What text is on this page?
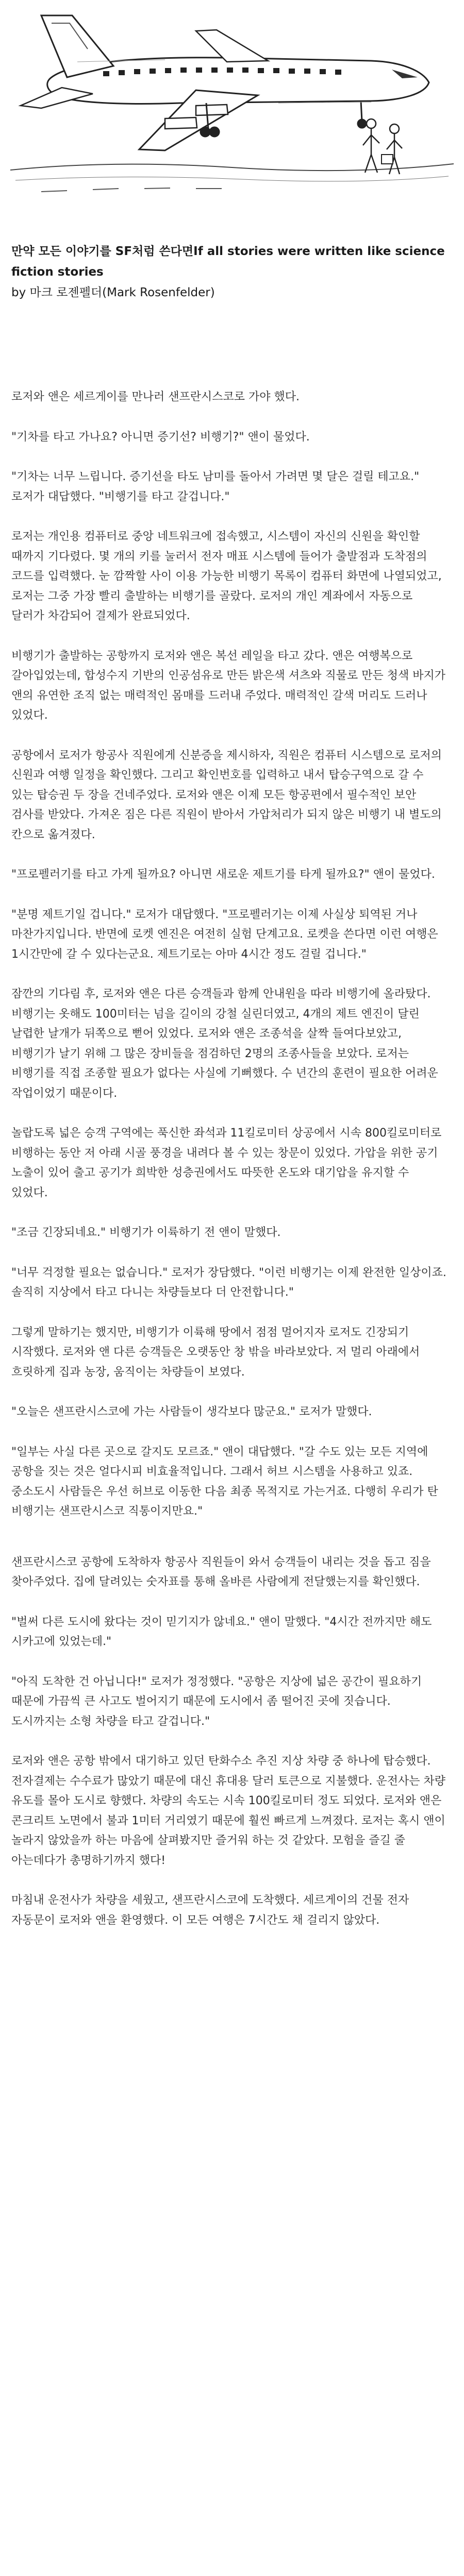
만약 모든 이야기를 SF처럼 쓴다면If all stories were written like science fiction stories

by 마크 로젠펠더(Mark Rosenfelder)

로저와 앤은 세르게이를 만나러 샌프란시스코로 가야 했다.

"기차를 타고 가나요? 아니면 증기선? 비행기?" 앤이 물었다.

"기차는 너무 느립니다. 증기선을 타도 남미를 돌아서 가려면 몇 달은 걸릴 테고요." 로저가 대답했다. "비행기를 타고 갈겁니다."

로저는 개인용 컴퓨터로 중앙 네트워크에 접속했고, 시스템이 자신의 신원을 확인할 때까지 기다렸다. 몇 개의 키를 눌러서 전자 매표 시스템에 들어가 출발점과 도착점의 코드를 입력했다. 눈 깜짝할 사이 이용 가능한 비행기 목록이 컴퓨터 화면에 나열되었고, 로저는 그중 가장 빨리 출발하는 비행기를 골랐다. 로저의 개인 계좌에서 자동으로 달러가 차감되어 결제가 완료되었다.

비행기가 출발하는 공항까지 로저와 앤은 복선 레일을 타고 갔다. 앤은 여행복으로 갈아입었는데, 합성수지 기반의 인공섬유로 만든 밝은색 셔츠와 직물로 만든 청색 바지가 앤의 유연한 조직 없는 매력적인 몸매를 드러내 주었다. 매력적인 갈색 머리도 드러나 있었다.

공항에서 로저가 항공사 직원에게 신분증을 제시하자, 직원은 컴퓨터 시스템으로 로저의 신원과 여행 일정을 확인했다. 그리고 확인번호를 입력하고 내서 탑승구역으로 갈 수 있는 탑승권 두 장을 건네주었다. 로저와 앤은 이제 모든 항공편에서 필수적인 보안 검사를 받았다. 가져온 짐은 다른 직원이 받아서 가압처리가 되지 않은 비행기 내 별도의 칸으로 옮겨졌다.

"프로펠러기를 타고 가게 될까요? 아니면 새로운 제트기를 타게 될까요?" 앤이 물었다.

"분명 제트기일 겁니다." 로저가 대답했다. "프로펠러기는 이제 사실상 퇴역된 거나 마찬가지입니다. 반면에 로켓 엔진은 여전히 실험 단계고요. 로켓을 쓴다면 이런 여행은 1시간만에 갈 수 있다는군요. 제트기로는 아마 4시간 정도 걸릴 겁니다."

잠깐의 기다림 후, 로저와 앤은 다른 승객들과 함께 안내원을 따라 비행기에 올라탔다. 비행기는 옷해도 100미터는 넘을 길이의 강철 실린더였고, 4개의 제트 엔진이 달린 날렵한 날개가 뒤쪽으로 뻗어 있었다. 로저와 앤은 조종석을 살짝 들여다보았고, 비행기가 날기 위해 그 많은 장비들을 점검하던 2명의 조종사들을 보았다. 로저는 비행기를 직접 조종할 필요가 없다는 사실에 기뻐했다. 수 년간의 훈련이 필요한 어려운 작업이었기 때문이다.

놀랍도록 넓은 승객 구역에는 푹신한 좌석과 11킬로미터 상공에서 시속 800킬로미터로 비행하는 동안 저 아래 시골 풍경을 내려다 볼 수 있는 창문이 있었다. 가압을 위한 공기 노출이 있어 출고 공기가 희박한 성층권에서도 따뜻한 온도와 대기압을 유지할 수 있었다.

"조금 긴장되네요." 비행기가 이륙하기 전 앤이 말했다.

"너무 걱정할 필요는 없습니다." 로저가 장담했다. "이런 비행기는 이제 완전한 일상이죠. 솔직히 지상에서 타고 다니는 차량들보다 더 안전합니다."

그렇게 말하기는 했지만, 비행기가 이륙해 땅에서 점점 멀어지자 로저도 긴장되기 시작했다. 로저와 앤 다른 승객들은 오랫동안 창 밖을 바라보았다. 저 멀리 아래에서 흐릿하게 집과 농장, 움직이는 차량들이 보였다.

"오늘은 샌프란시스코에 가는 사람들이 생각보다 많군요." 로저가 말했다.

"일부는 사실 다른 곳으로 갈지도 모르죠." 앤이 대답했다. "갈 수도 있는 모든 지역에 공항을 짓는 것은 얼다시피 비효율적입니다. 그래서 허브 시스템을 사용하고 있죠. 중소도시 사람들은 우선 허브로 이동한 다음 최종 목적지로 가는거죠. 다행히 우리가 탄 비행기는 샌프란시스코 직통이지만요."

샌프란시스코 공항에 도착하자 항공사 직원들이 와서 승객들이 내리는 것을 돕고 짐을 찾아주었다. 집에 달려있는 숫자표를 통해 올바른 사람에게 전달했는지를 확인했다.

"벌써 다른 도시에 왔다는 것이 믿기지가 않네요." 앤이 말했다. "4시간 전까지만 해도 시카고에 있었는데."

"아직 도착한 건 아닙니다!" 로저가 정정했다. "공항은 지상에 넓은 공간이 필요하기 때문에 가끔씩 큰 사고도 벌어지기 때문에 도시에서 좀 떨어진 곳에 짓습니다. 도시까지는 소형 차량을 타고 갈겁니다."

로저와 앤은 공항 밖에서 대기하고 있던 탄화수소 추진 지상 차량 중 하나에 탑승했다. 전자결제는 수수료가 많았기 때문에 대신 휴대용 달러 토큰으로 지불했다. 운전사는 차량 유도를 몰아 도시로 향했다. 차량의 속도는 시속 100킬로미터 정도 되었다. 로저와 앤은 콘크리트 노면에서 불과 1미터 거리였기 때문에 훨씬 빠르게 느껴졌다. 로저는 혹시 앤이 놀라지 않았을까 하는 마음에 살펴봤지만 즐거워 하는 것 같았다. 모험을 즐길 줄 아는데다가 총명하기까지 했다!

마침내 운전사가 차량을 세웠고, 샌프란시스코에 도착했다. 세르게이의 건물 전자 자동문이 로저와 앤을 환영했다. 이 모든 여행은 7시간도 채 걸리지 않았다.
